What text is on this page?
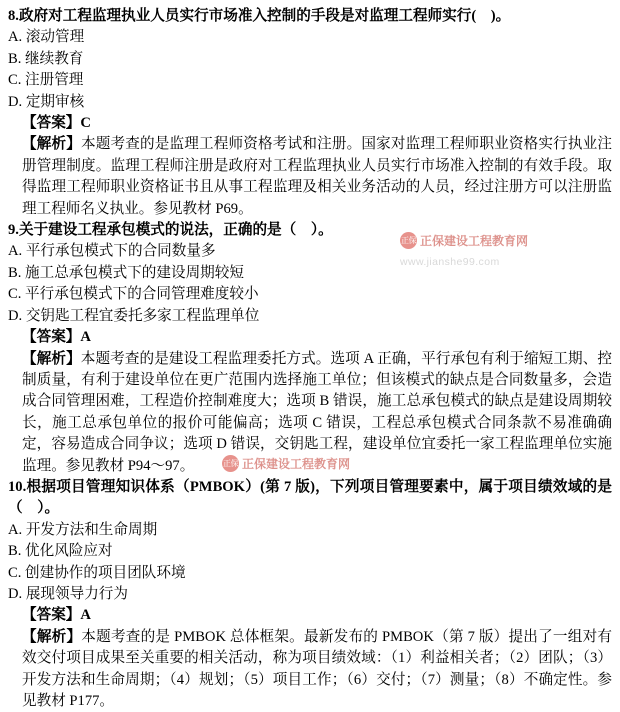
8.政府对工程监理执业人员实行市场准入控制的手段是对监理工程师实行(    )。
A. 滚动管理
B. 继续教育
C. 注册管理
D. 定期审核
【答案】C
【解析】本题考查的是监理工程师资格考试和注册。国家对监理工程师职业资格实行执业注册管理制度。监理工程师注册是政府对工程监理执业人员实行市场准入控制的有效手段。取得监理工程师职业资格证书且从事工程监理及相关业务活动的人员，经过注册方可以注册监理工程师名义执业。参见教材 P69。
9.关于建设工程承包模式的说法，正确的是（    ）。
A. 平行承包模式下的合同数量多
B. 施工总承包模式下的建设周期较短
C. 平行承包模式下的合同管理难度较小
D. 交钥匙工程宜委托多家工程监理单位
【答案】A
【解析】本题考查的是建设工程监理委托方式。选项 A 正确，平行承包有利于缩短工期、控制质量，有利于建设单位在更广范围内选择施工单位；但该模式的缺点是合同数量多，会造成合同管理困难，工程造价控制难度大；选项 B 错误，施工总承包模式的缺点是建设周期较长，施工总承包单位的报价可能偏高；选项 C 错误，工程总承包模式合同条款不易准确确定，容易造成合同争议；选项 D 错误，交钥匙工程，建设单位宜委托一家工程监理单位实施监理。参见教材 P94～97。
10.根据项目管理知识体系（PMBOK）(第 7 版)，下列项目管理要素中，属于项目绩效域的是（    ）。
A. 开发方法和生命周期
B. 优化风险应对
C. 创建协作的项目团队环境
D. 展现领导力行为
【答案】A
【解析】本题考查的是 PMBOK 总体框架。最新发布的 PMBOK（第 7 版）提出了一组对有效交付项目成果至关重要的相关活动，称为项目绩效域：（1）利益相关者；（2）团队；（3）开发方法和生命周期；（4）规划；（5）项目工作；（6）交付；（7）测量；（8）不确定性。参见教材 P177。
正保 正保建设工程教育网
www.jianshe99.com
正保 正保建设工程教育网
